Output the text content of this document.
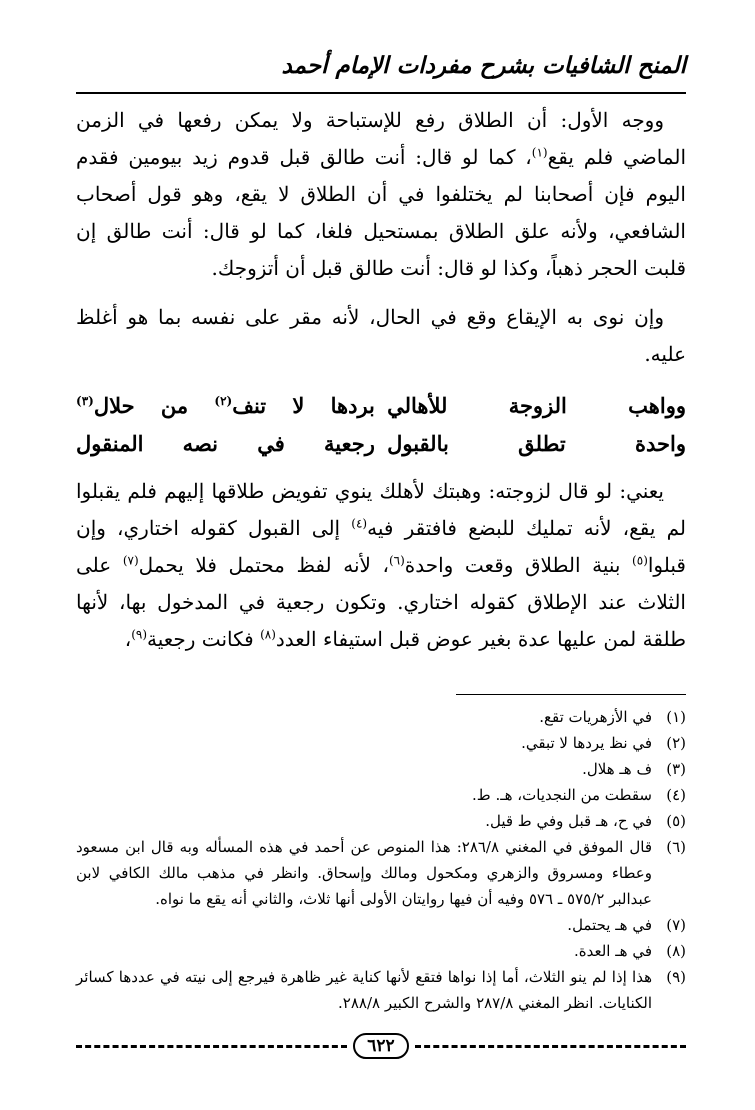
المنح الشافيات بشرح مفردات الإمام أحمد

ووجه الأول: أن الطلاق رفع للإستباحة ولا يمكن رفعها في الزمن الماضي فلم يقع$^{(١)}$، كما لو قال: أنت طالق قبل قدوم زيد بيومين فقدم اليوم فإن أصحابنا لم يختلفوا في أن الطلاق لا يقع، وهو قول أصحاب الشافعي، ولأنه علق الطلاق بمستحيل فلغا، كما لو قال: أنت طالق إن قلبت الحجر ذهباً، وكذا لو قال: أنت طالق قبل أن أتزوجك.

وإن نوى به الإيقاع وقع في الحال، لأنه مقر على نفسه بما هو أغلظ عليه.

وواهب الزوجة للأهالي
بردها لا تنف$^{(٢)}$ من حلال$^{(٣)}$
واحدة تطلق بالقبول
رجعية في نصه المنقول

يعني: لو قال لزوجته: وهبتك لأهلك ينوي تفويض طلاقها إليهم فلم يقبلوا لم يقع، لأنه تمليك للبضع فافتقر فيه$^{(٤)}$ إلى القبول كقوله اختاري، وإن قبلوا$^{(٥)}$ بنية الطلاق وقعت واحدة$^{(٦)}$، لأنه لفظ محتمل فلا يحمل$^{(٧)}$ على الثلاث عند الإطلاق كقوله اختاري. وتكون رجعية في المدخول بها، لأنها طلقة لمن عليها عدة بغير عوض قبل استيفاء العدد$^{(٨)}$ فكانت رجعية$^{(٩)}$،

(١)
في الأزهريات تقع.
(٢)
في نظ يردها لا تبقي.
(٣)
ف هـ هلال.
(٤)
سقطت من النجديات، هـ. ط.
(٥)
في ح، هـ قبل وفي ط قيل.
(٦)
قال الموفق في المغني ٢٨٦/٨: هذا المنوص عن أحمد في هذه المسأله وبه قال ابن مسعود وعطاء ومسروق والزهري ومكحول ومالك وإسحاق. وانظر في مذهب مالك الكافي لابن عبدالبر ٥٧٥/٢ ـ ٥٧٦ وفيه أن فيها روايتان الأولى أنها ثلاث، والثاني أنه يقع ما نواه.
(٧)
في هـ يحتمل.
(٨)
في هـ العدة.
(٩)
هذا إذا لم ينو الثلاث، أما إذا نواها فتقع لأنها كناية غير ظاهرة فيرجع إلى نيته في عددها كسائر الكنايات. انظر المغني ٢٨٧/٨ والشرح الكبير ٢٨٨/٨.
٦٢٢
